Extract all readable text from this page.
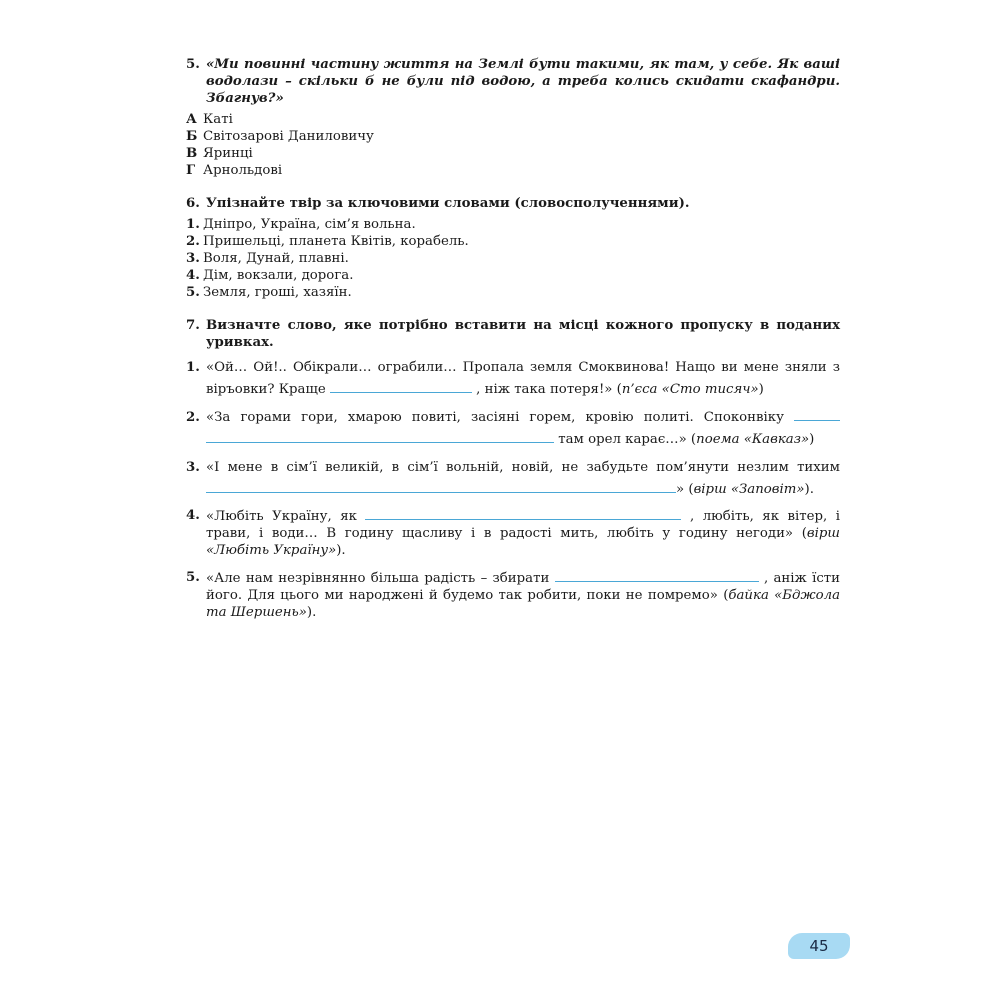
5. «Ми повинні частину життя на Землі бути такими, як там, у себе. Як ваші водолази – скільки б не були під водою, а треба колись скидати скафандри. Збагнув?»
А Каті
Б Світозарові Даниловичу
В Яринці
Г Арнольдові
6. Упізнайте твір за ключовими словами (словосполученнями).
1. Дніпро, Україна, сім’я вольна.
2. Пришельці, планета Квітів, корабель.
3. Воля, Дунай, плавні.
4. Дім, вокзали, дорога.
5. Земля, гроші, хазяїн.
7. Визначте слово, яке потрібно вставити на місці кожного пропуску в поданих уривках.
1. «Ой… Ой!.. Обікрали… ограбили… Пропала земля Смоквинова! Нащо ви мене зняли з віръовки? Краще	, ніж така потеря!» (п’єса «Сто тисяч»)
2. «За горами гори, хмарою повиті, засіяні горем, кровію политі. Споконвіку   там орел карає…» (поема «Кавказ»)
3. «І мене в сім’ї великій, в сім’ї вольній, новій, не забудьте пом’янути незлим тихим » (вірш «Заповіт»).
4. «Любіть Україну, як	, любіть, як вітер, і трави, і води… В годину щасливу і в радості мить, любіть у годину негоди» (вірш «Любіть Україну»).
5. «Але нам незрівнянно більша радість – збирати	, аніж їсти його. Для цього ми народжені й будемо так робити, поки не помремо» (байка «Бджола та Шершень»).
45
